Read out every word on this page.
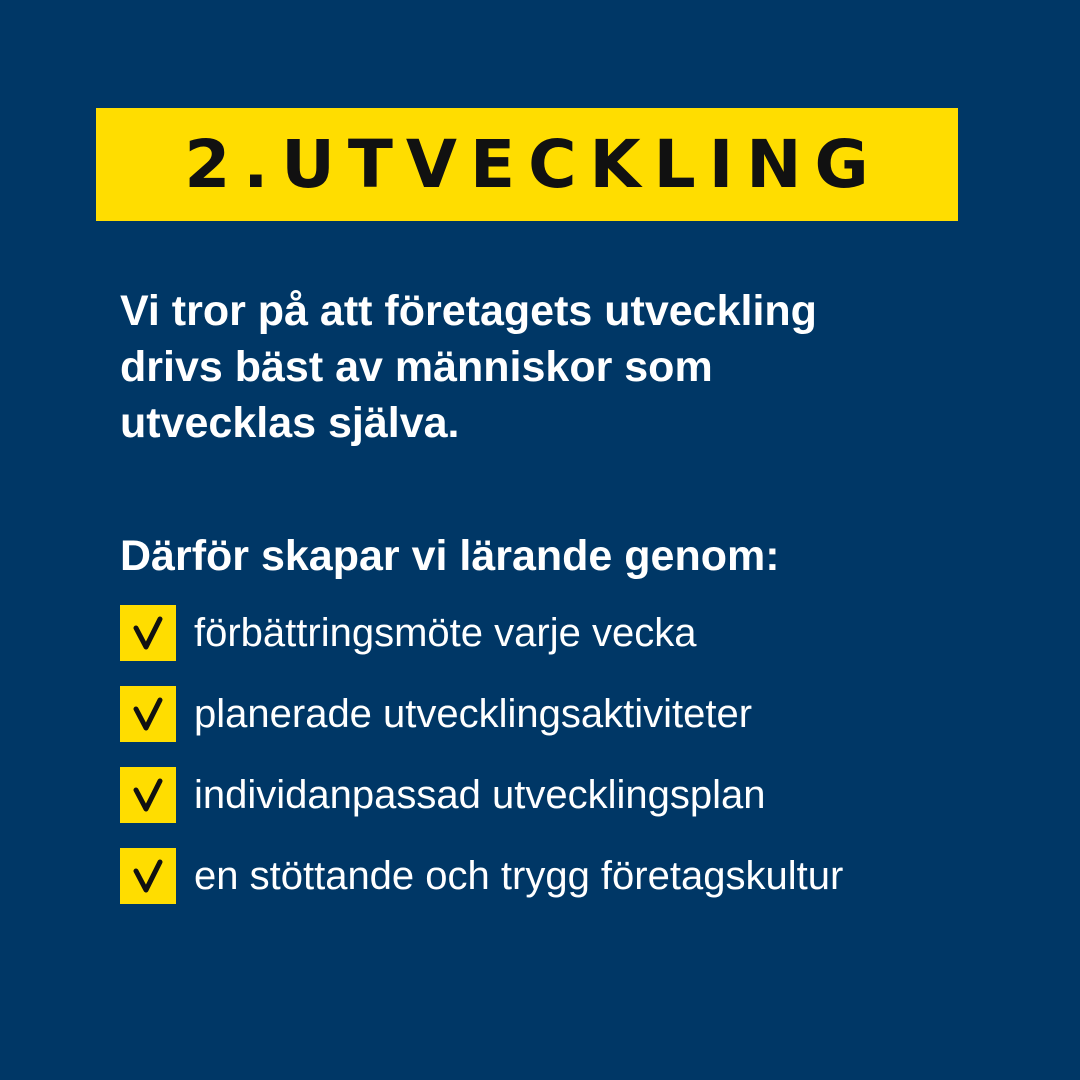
2.UTVECKLING

Vi tror på att företagets utveckling
drivs bäst av människor som
utvecklas själva.

Därför skapar vi lärande genom:
förbättringsmöte varje vecka
planerade utvecklingsaktiviteter
individanpassad utvecklingsplan
en stöttande och trygg företagskultur
